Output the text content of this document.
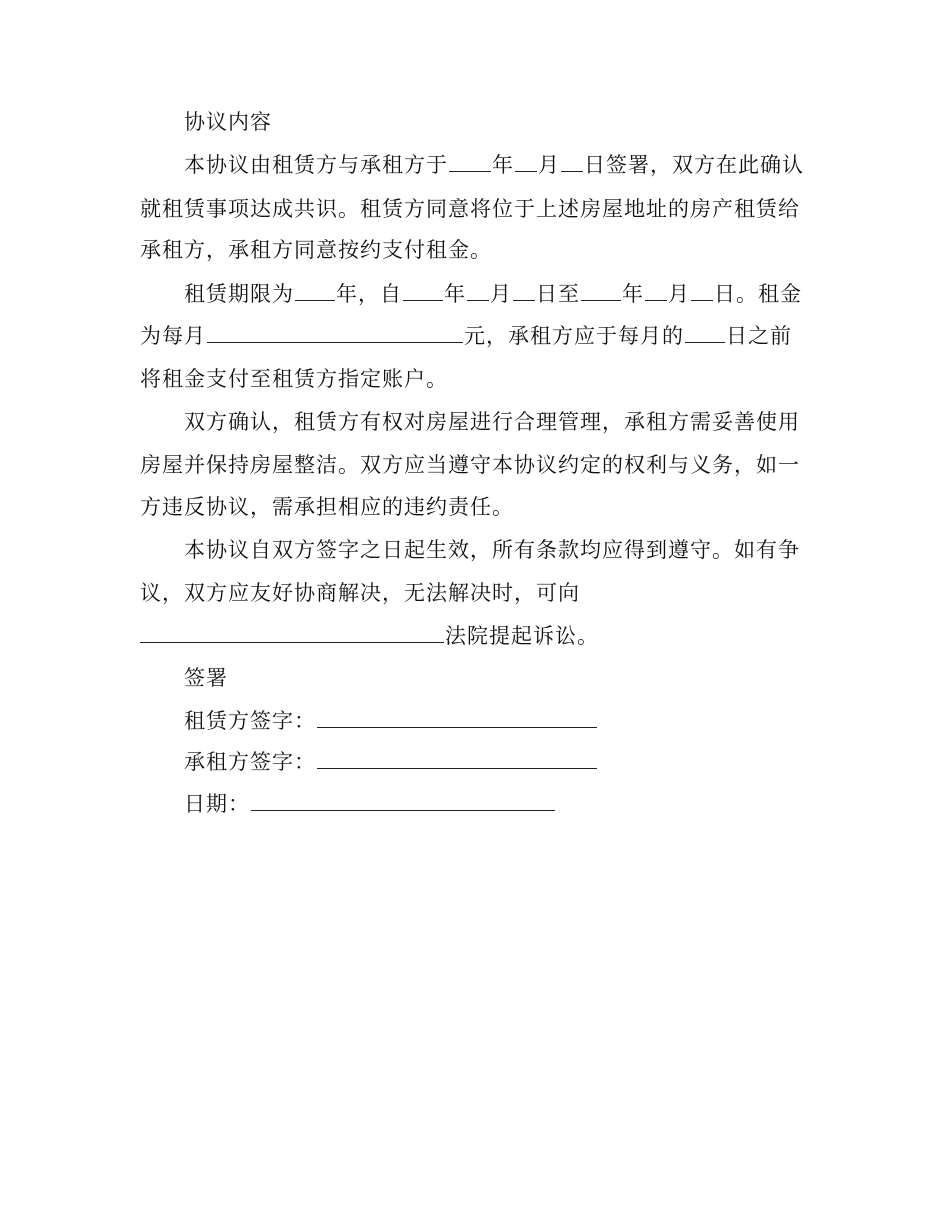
协议内容
本协议由租赁方与承租方于 年 月 日签署，双方在此确认
就租赁事项达成共识。租赁方同意将位于上述房屋地址的房产租赁给
承租方，承租方同意按约支付租金。
租赁期限为 年，自 年 月 日至 年 月 日。租金
为每月	元，承租方应于每月的 日之前
将租金支付至租赁方指定账户。
双方确认，租赁方有权对房屋进行合理管理，承租方需妥善使用
房屋并保持房屋整洁。双方应当遵守本协议约定的权利与义务，如一
方违反协议，需承担相应的违约责任。
本协议自双方签字之日起生效，所有条款均应得到遵守。如有争
议，双方应友好协商解决，无法解决时，可向
法院提起诉讼。
签署
租赁方签字：
承租方签字：
日期：
